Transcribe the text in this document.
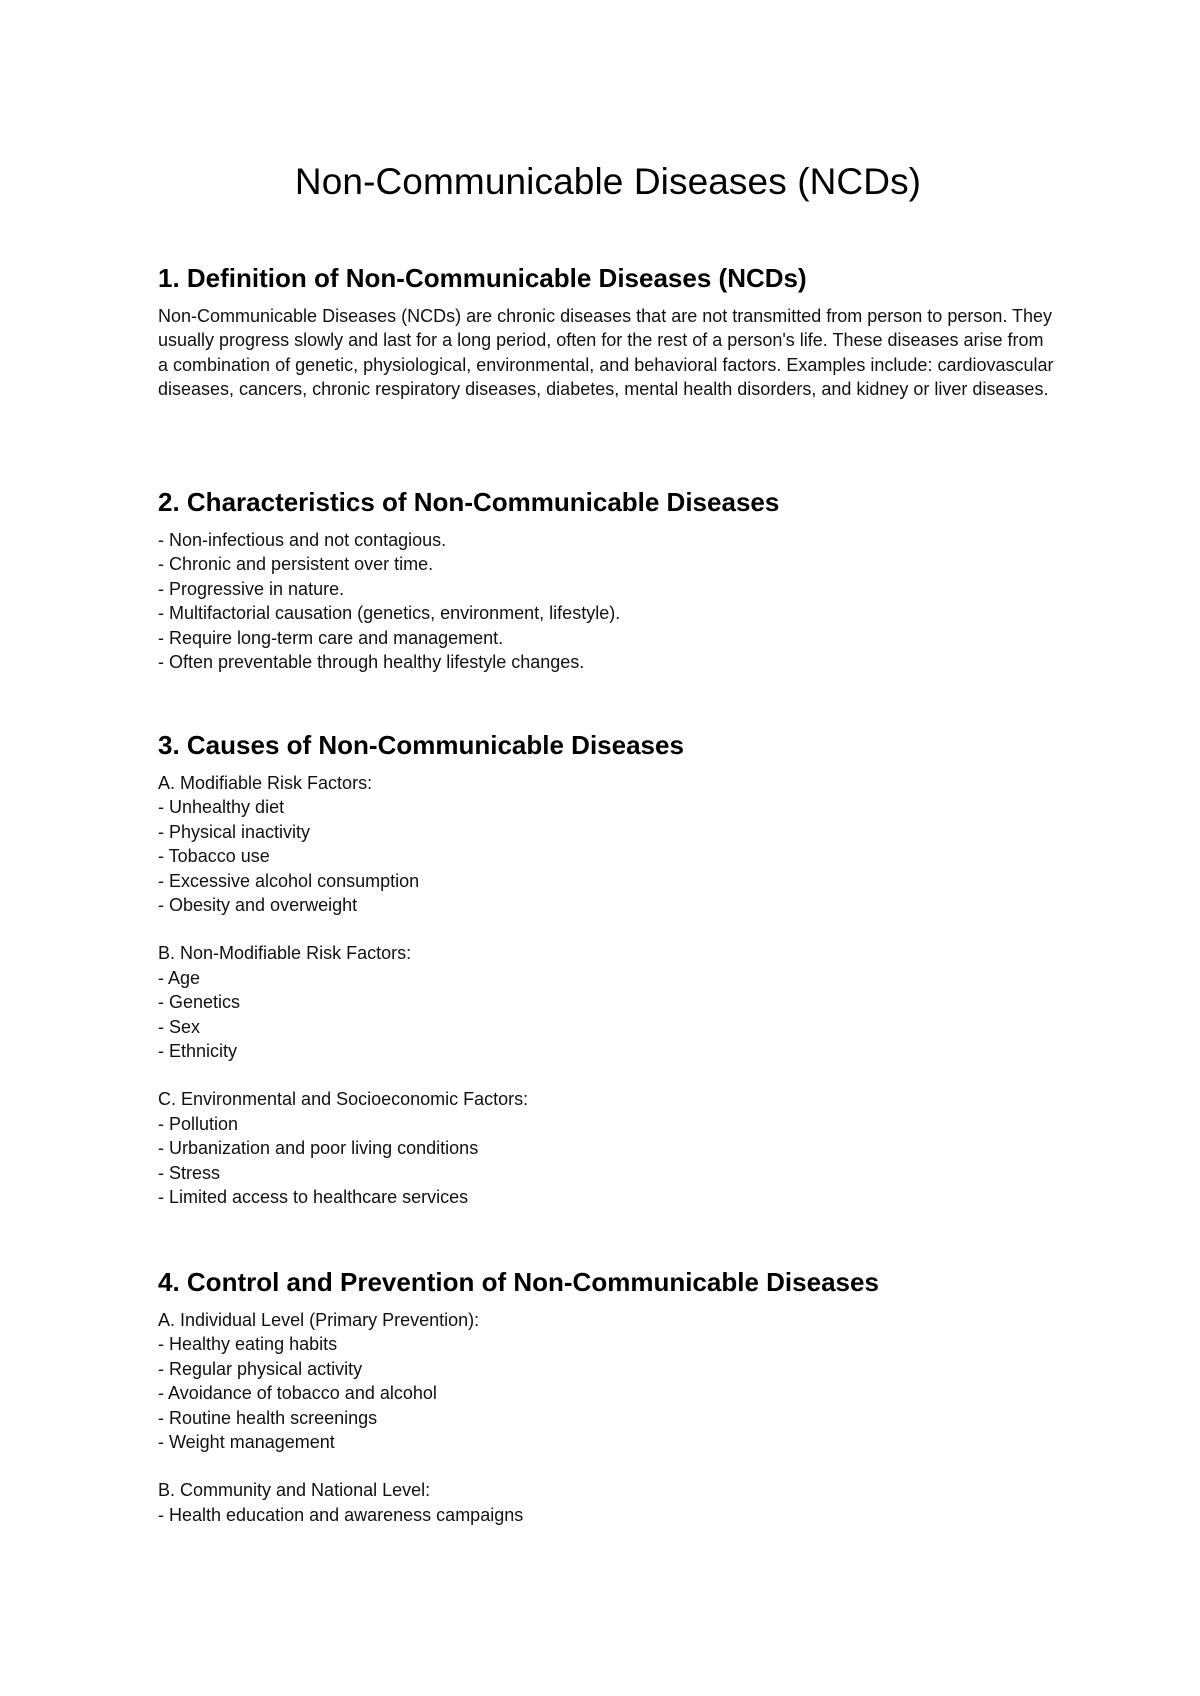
Non-Communicable Diseases (NCDs)
1. Definition of Non-Communicable Diseases (NCDs)

Non-Communicable Diseases (NCDs) are chronic diseases that are not transmitted from person to person. They usually progress slowly and last for a long period, often for the rest of a person's life. These diseases arise from a combination of genetic, physiological, environmental, and behavioral factors. Examples include: cardiovascular diseases, cancers, chronic respiratory diseases, diabetes, mental health disorders, and kidney or liver diseases.

2. Characteristics of Non-Communicable Diseases
- Non-infectious and not contagious.
- Chronic and persistent over time.
- Progressive in nature.
- Multifactorial causation (genetics, environment, lifestyle).
- Require long-term care and management.
- Often preventable through healthy lifestyle changes.
3. Causes of Non-Communicable Diseases
A. Modifiable Risk Factors:
- Unhealthy diet
- Physical inactivity
- Tobacco use
- Excessive alcohol consumption
- Obesity and overweight
B. Non-Modifiable Risk Factors:
- Age
- Genetics
- Sex
- Ethnicity
C. Environmental and Socioeconomic Factors:
- Pollution
- Urbanization and poor living conditions
- Stress
- Limited access to healthcare services
4. Control and Prevention of Non-Communicable Diseases
A. Individual Level (Primary Prevention):
- Healthy eating habits
- Regular physical activity
- Avoidance of tobacco and alcohol
- Routine health screenings
- Weight management
B. Community and National Level:
- Health education and awareness campaigns
